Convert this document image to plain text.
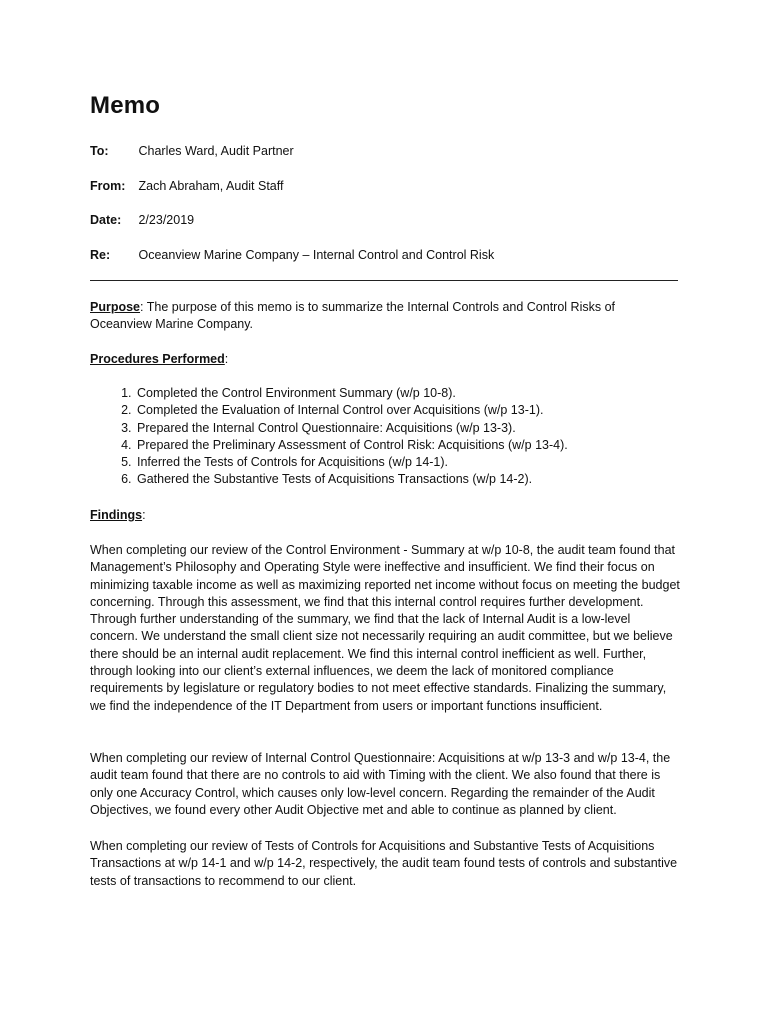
Memo
To: Charles Ward, Audit Partner
From: Zach Abraham, Audit Staff
Date: 2/23/2019
Re: Oceanview Marine Company – Internal Control and Control Risk
Purpose: The purpose of this memo is to summarize the Internal Controls and Control Risks of Oceanview Marine Company.
Procedures Performed:
1. Completed the Control Environment Summary (w/p 10-8).
2. Completed the Evaluation of Internal Control over Acquisitions (w/p 13-1).
3. Prepared the Internal Control Questionnaire: Acquisitions (w/p 13-3).
4. Prepared the Preliminary Assessment of Control Risk: Acquisitions (w/p 13-4).
5. Inferred the Tests of Controls for Acquisitions (w/p 14-1).
6. Gathered the Substantive Tests of Acquisitions Transactions (w/p 14-2).
Findings:
When completing our review of the Control Environment - Summary at w/p 10-8, the audit team found that Management’s Philosophy and Operating Style were ineffective and insufficient. We find their focus on minimizing taxable income as well as maximizing reported net income without focus on meeting the budget concerning. Through this assessment, we find that this internal control requires further development. Through further understanding of the summary, we find that the lack of Internal Audit is a low-level concern. We understand the small client size not necessarily requiring an audit committee, but we believe there should be an internal audit replacement. We find this internal control inefficient as well. Further, through looking into our client’s external influences, we deem the lack of monitored compliance requirements by legislature or regulatory bodies to not meet effective standards. Finalizing the summary, we find the independence of the IT Department from users or important functions insufficient.
When completing our review of Internal Control Questionnaire: Acquisitions at w/p 13-3 and w/p 13-4, the audit team found that there are no controls to aid with Timing with the client. We also found that there is only one Accuracy Control, which causes only low-level concern. Regarding the remainder of the Audit Objectives, we found every other Audit Objective met and able to continue as planned by client.
When completing our review of Tests of Controls for Acquisitions and Substantive Tests of Acquisitions Transactions at w/p 14-1 and w/p 14-2, respectively, the audit team found tests of controls and substantive tests of transactions to recommend to our client.
